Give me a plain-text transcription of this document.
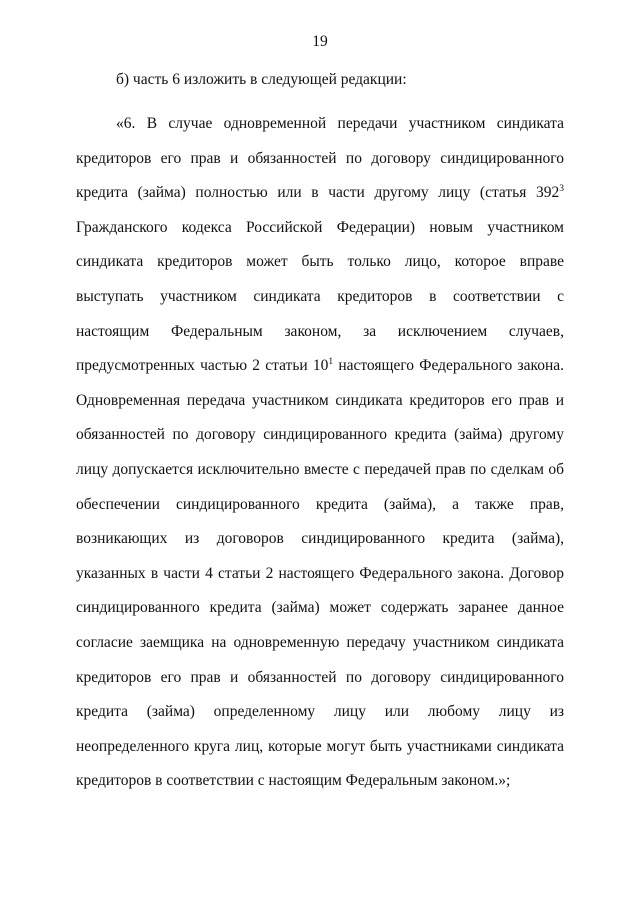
19
б) часть 6 изложить в следующей редакции:

«6. В случае одновременной передачи участником синдиката кредиторов его прав и обязанностей по договору синдицированного кредита (займа) полностью или в части другому лицу (статья $392^3$ Гражданского кодекса Российской Федерации) новым участником синдиката кредиторов может быть только лицо, которое вправе выступать участником синдиката кредиторов в соответствии с настоящим Федеральным законом, за исключением случаев, предусмотренных частью 2 статьи $10^1$ настоящего Федерального закона. Одновременная передача участником синдиката кредиторов его прав и обязанностей по договору синдицированного кредита (займа) другому лицу допускается исключительно вместе с передачей прав по сделкам об обеспечении синдицированного кредита (займа), а также прав, возникающих из договоров синдицированного кредита (займа), указанных в части 4 статьи 2 настоящего Федерального закона. Договор синдицированного кредита (займа) может содержать заранее данное согласие заемщика на одновременную передачу участником синдиката кредиторов его прав и обязанностей по договору синдицированного кредита (займа) определенному лицу или любому лицу из неопределенного круга лиц, которые могут быть участниками синдиката кредиторов в соответствии с настоящим Федеральным законом.»;
